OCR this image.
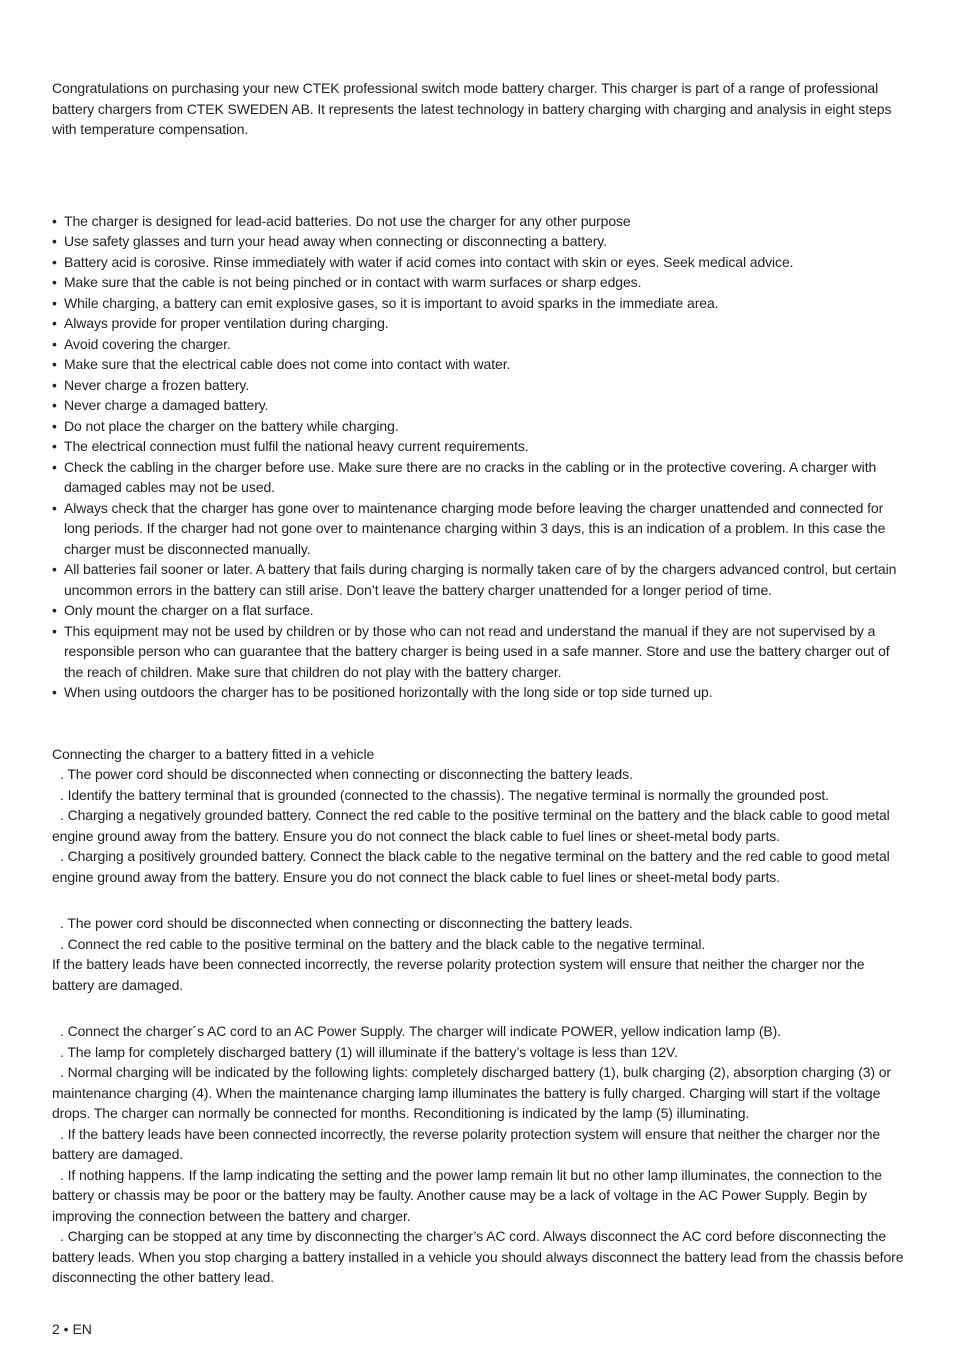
Congratulations on purchasing your new CTEK professional switch mode battery charger. This charger is part of a range of professional battery chargers from CTEK SWEDEN AB. It represents the latest technology in battery charging with charging and analysis in eight steps with temperature compensation.

• The charger is designed for lead-acid batteries. Do not use the charger for any other purpose
• Use safety glasses and turn your head away when connecting or disconnecting a battery.
• Battery acid is corosive. Rinse immediately with water if acid comes into contact with skin or eyes. Seek medical advice.
• Make sure that the cable is not being pinched or in contact with warm surfaces or sharp edges.
• While charging, a battery can emit explosive gases, so it is important to avoid sparks in the immediate area.
• Always provide for proper ventilation during charging.
• Avoid covering the charger.
• Make sure that the electrical cable does not come into contact with water.
• Never charge a frozen battery.
• Never charge a damaged battery.
• Do not place the charger on the battery while charging.
• The electrical connection must fulfil the national heavy current requirements.
• Check the cabling in the charger before use. Make sure there are no cracks in the cabling or in the protective covering. A charger with damaged cables may not be used.
• Always check that the charger has gone over to maintenance charging mode before leaving the charger unattended and connected for long periods. If the charger had not gone over to maintenance charging within 3 days, this is an indication of a problem. In this case the charger must be disconnected manually.
• All batteries fail sooner or later. A battery that fails during charging is normally taken care of by the chargers advanced control, but certain uncommon errors in the battery can still arise. Don’t leave the battery charger unattended for a longer period of time.
• Only mount the charger on a flat surface.
• This equipment may not be used by children or by those who can not read and understand the manual if they are not supervised by a responsible person who can guarantee that the battery charger is being used in a safe manner. Store and use the battery charger out of the reach of children. Make sure that children do not play with the battery charger.
• When using outdoors the charger has to be positioned horizontally with the long side or top side turned up.

Connecting the charger to a battery fitted in a vehicle

. The power cord should be disconnected when connecting or disconnecting the battery leads.

. Identify the battery terminal that is grounded (connected to the chassis). The negative terminal is normally the grounded post.

. Charging a negatively grounded battery. Connect the red cable to the positive terminal on the battery and the black cable to good metal engine ground away from the battery. Ensure you do not connect the black cable to fuel lines or sheet-metal body parts.

. Charging a positively grounded battery. Connect the black cable to the negative terminal on the battery and the red cable to good metal engine ground away from the battery. Ensure you do not connect the black cable to fuel lines or sheet-metal body parts.

. The power cord should be disconnected when connecting or disconnecting the battery leads.

. Connect the red cable to the positive terminal on the battery and the black cable to the negative terminal.

If the battery leads have been connected incorrectly, the reverse polarity protection system will ensure that neither the charger nor the battery are damaged.

. Connect the charger´s AC cord to an AC Power Supply. The charger will indicate POWER, yellow indication lamp (B).

. The lamp for completely discharged battery (1) will illuminate if the battery’s voltage is less than 12V.

. Normal charging will be indicated by the following lights: completely discharged battery (1), bulk charging (2), absorption charging (3) or maintenance charging (4). When the maintenance charging lamp illuminates the battery is fully charged. Charging will start if the voltage drops. The charger can normally be connected for months. Reconditioning is indicated by the lamp (5) illuminating.

. If the battery leads have been connected incorrectly, the reverse polarity protection system will ensure that neither the charger nor the battery are damaged.

. If nothing happens. If the lamp indicating the setting and the power lamp remain lit but no other lamp illuminates, the connection to the battery or chassis may be poor or the battery may be faulty. Another cause may be a lack of voltage in the AC Power Supply. Begin by improving the connection between the battery and charger.

. Charging can be stopped at any time by disconnecting the charger’s AC cord. Always disconnect the AC cord before disconnecting the battery leads. When you stop charging a battery installed in a vehicle you should always disconnect the battery lead from the chassis before disconnecting the other battery lead.

2 • EN
